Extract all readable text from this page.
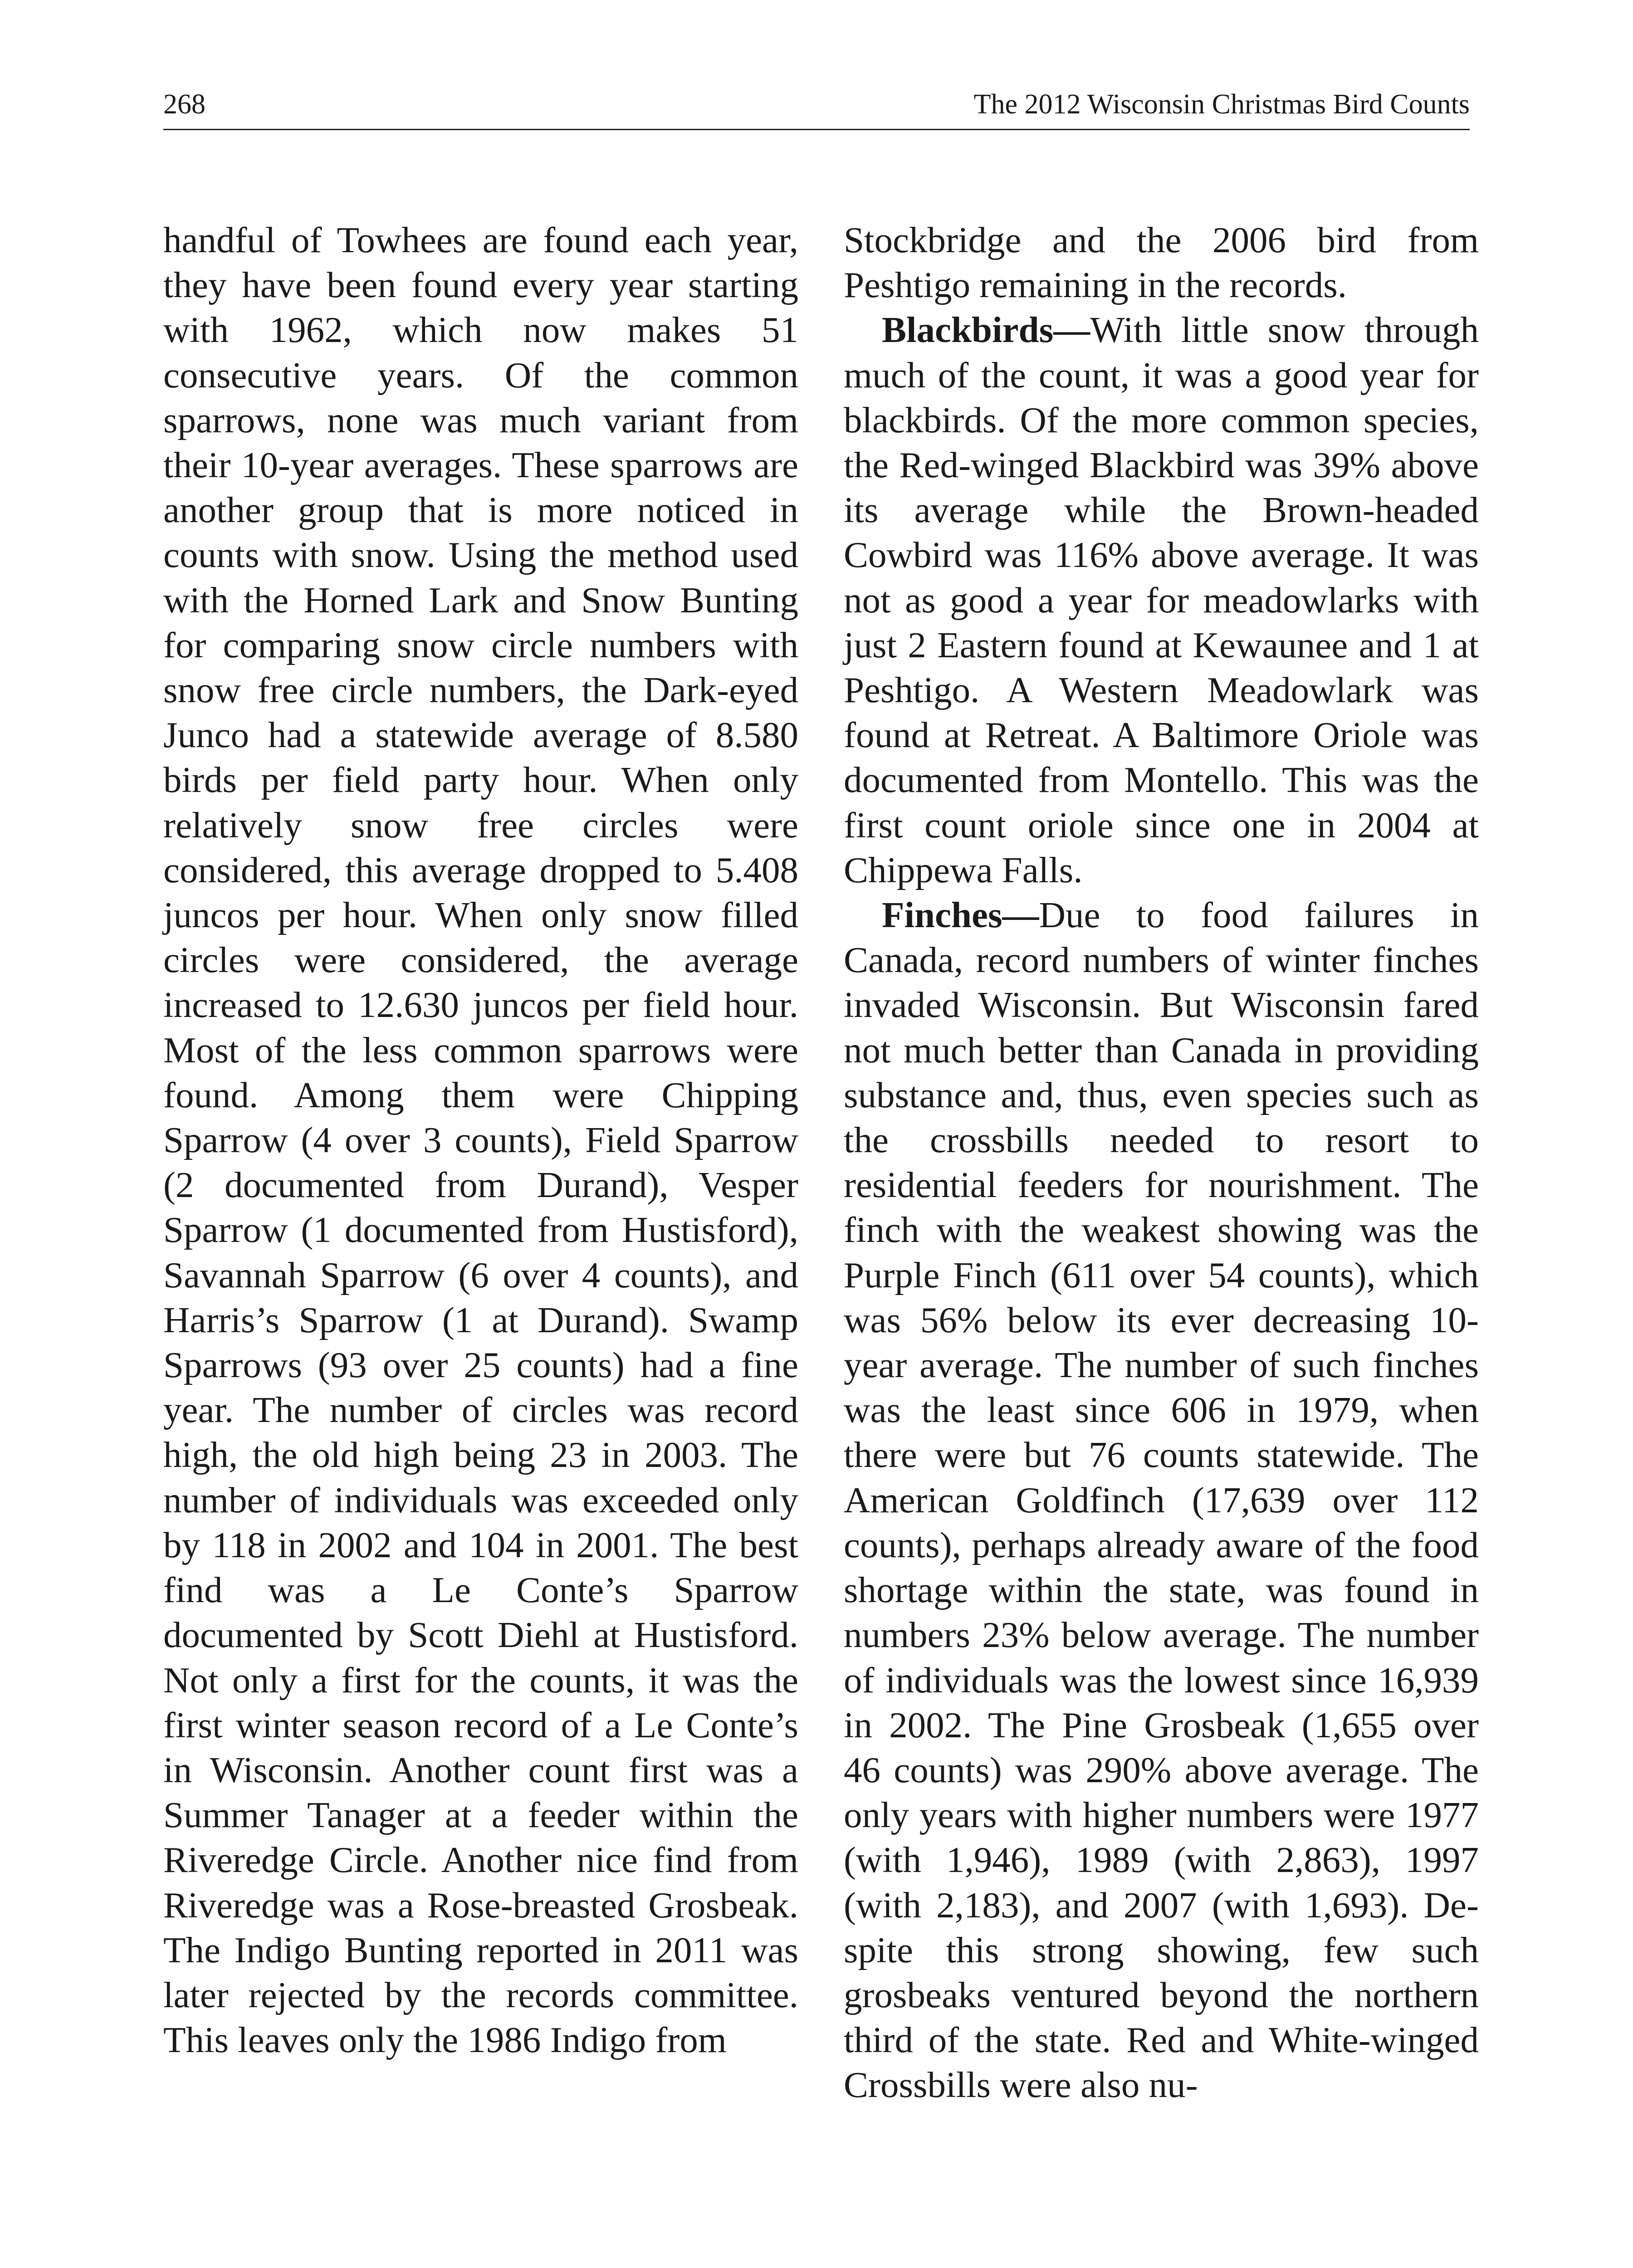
268	The 2012 Wisconsin Christmas Bird Counts

handful of Towhees are found each year, they have been found every year starting with 1962, which now makes 51 consecutive years. Of the common sparrows, none was much variant from their 10-year averages. These sparrows are another group that is more noticed in counts with snow. Using the method used with the Horned Lark and Snow Bunting for comparing snow circle numbers with snow free circle numbers, the Dark-eyed Junco had a statewide average of 8.580 birds per field party hour. When only relatively snow free circles were considered, this average dropped to 5.408 juncos per hour. When only snow filled circles were considered, the average increased to 12.630 juncos per field hour. Most of the less common sparrows were found. Among them were Chipping Sparrow (4 over 3 counts), Field Sparrow (2 documented from Durand), Vesper Sparrow (1 documented from Hustisford), Savannah Sparrow (6 over 4 counts), and Harris’s Sparrow (1 at Durand). Swamp Sparrows (93 over 25 counts) had a fine year. The number of circles was record high, the old high being 23 in 2003. The number of individuals was exceeded only by 118 in 2002 and 104 in 2001. The best find was a Le Conte’s Sparrow documented by Scott Diehl at Hustisford. Not only a first for the counts, it was the first winter season record of a Le Conte’s in Wisconsin. Another count first was a Summer Tanager at a feeder within the Riveredge Circle. Another nice find from Riveredge was a Rose-breasted Grosbeak. The Indigo Bunting reported in 2011 was later rejected by the records committee. This leaves only the 1986 Indigo from

Stockbridge and the 2006 bird from Peshtigo remaining in the records.

Blackbirds—With little snow through much of the count, it was a good year for blackbirds. Of the more common species, the Red-winged Blackbird was 39% above its average while the Brown-headed Cowbird was 116% above average. It was not as good a year for meadowlarks with just 2 Eastern found at Kewaunee and 1 at Peshtigo. A Western Meadowlark was found at Retreat. A Baltimore Oriole was documented from Montello. This was the first count oriole since one in 2004 at Chippewa Falls.

Finches—Due to food failures in Canada, record numbers of winter finches invaded Wisconsin. But Wisconsin fared not much better than Canada in providing substance and, thus, even species such as the crossbills needed to resort to residential feeders for nourishment. The finch with the weakest showing was the Purple Finch (611 over 54 counts), which was 56% below its ever decreasing 10-year average. The number of such finches was the least since 606 in 1979, when there were but 76 counts statewide. The American Goldfinch (17,639 over 112 counts), perhaps already aware of the food shortage within the state, was found in numbers 23% below average. The number of individuals was the lowest since 16,939 in 2002. The Pine Grosbeak (1,655 over 46 counts) was 290% above average. The only years with higher numbers were 1977 (with 1,946), 1989 (with 2,863), 1997 (with 2,183), and 2007 (with 1,693). Despite this strong showing, few such grosbeaks ventured beyond the northern third of the state. Red and White-winged Crossbills were also nu-
